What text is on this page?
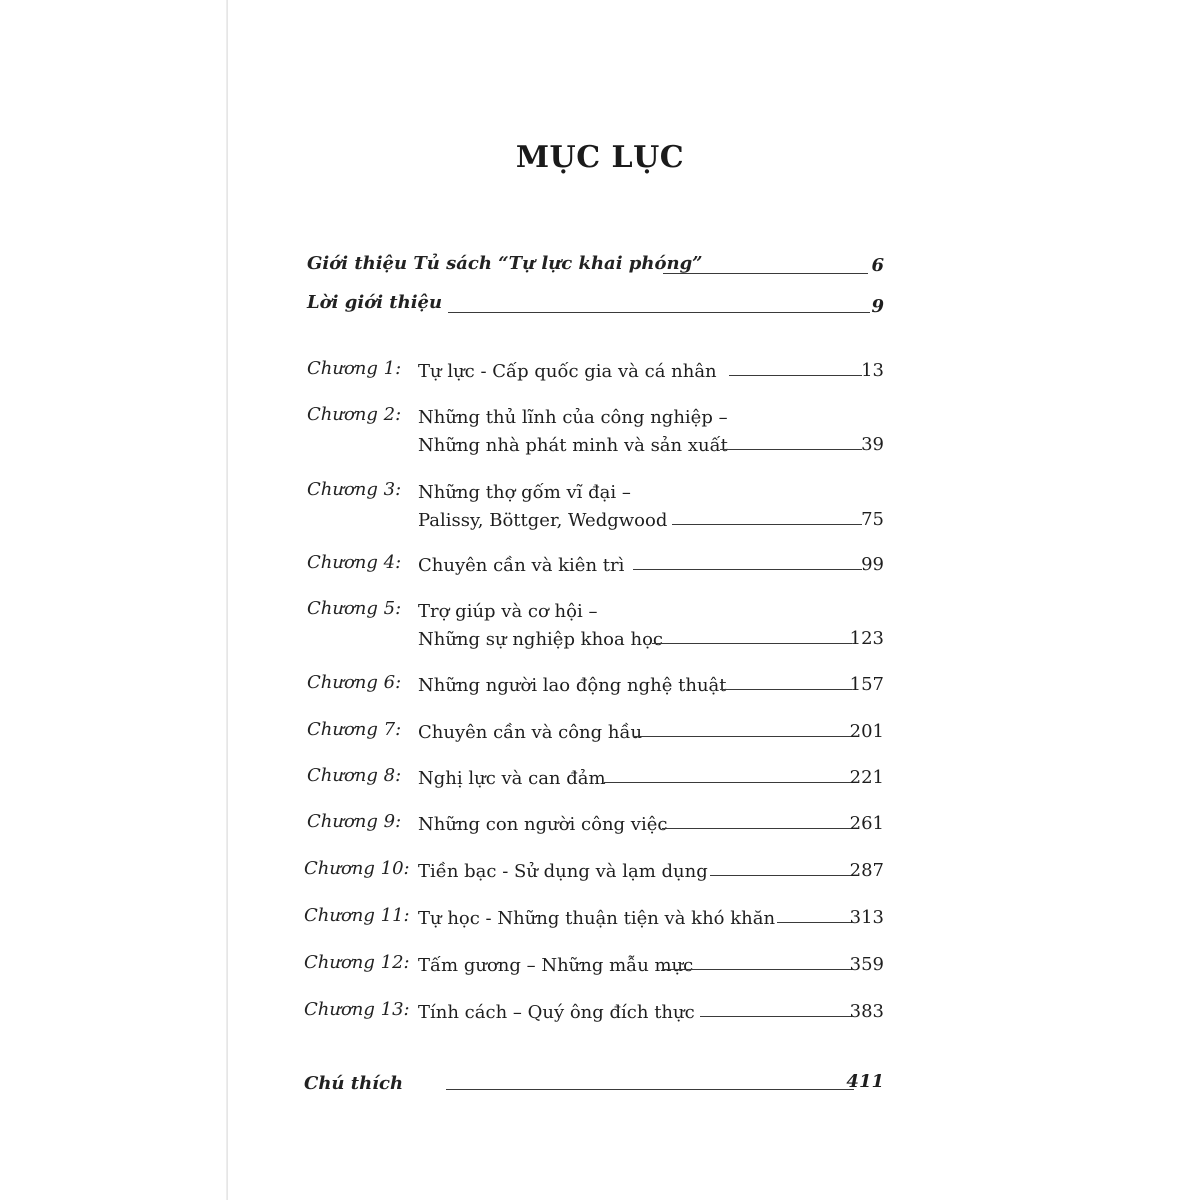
MỤC LỤC
Giới thiệu Tủ sách “Tự lực khai phóng”	6
Lời giới thiệu	9
Chương 1: Tự lực - Cấp quốc gia và cá nhân	13
Chương 2: Những thủ lĩnh của công nghiệp –
Những nhà phát minh và sản xuất	39
Chương 3: Những thợ gốm vĩ đại –
Palissy, Böttger, Wedgwood	75
Chương 4: Chuyên cần và kiên trì	99
Chương 5: Trợ giúp và cơ hội –
Những sự nghiệp khoa học	123
Chương 6: Những người lao động nghệ thuật	157
Chương 7: Chuyên cần và công hầu	201
Chương 8: Nghị lực và can đảm	221
Chương 9: Những con người công việc	261
Chương 10: Tiền bạc - Sử dụng và lạm dụng	287
Chương 11: Tự học - Những thuận tiện và khó khăn	313
Chương 12: Tấm gương – Những mẫu mực	359
Chương 13: Tính cách – Quý ông đích thực	383
Chú thích	411
